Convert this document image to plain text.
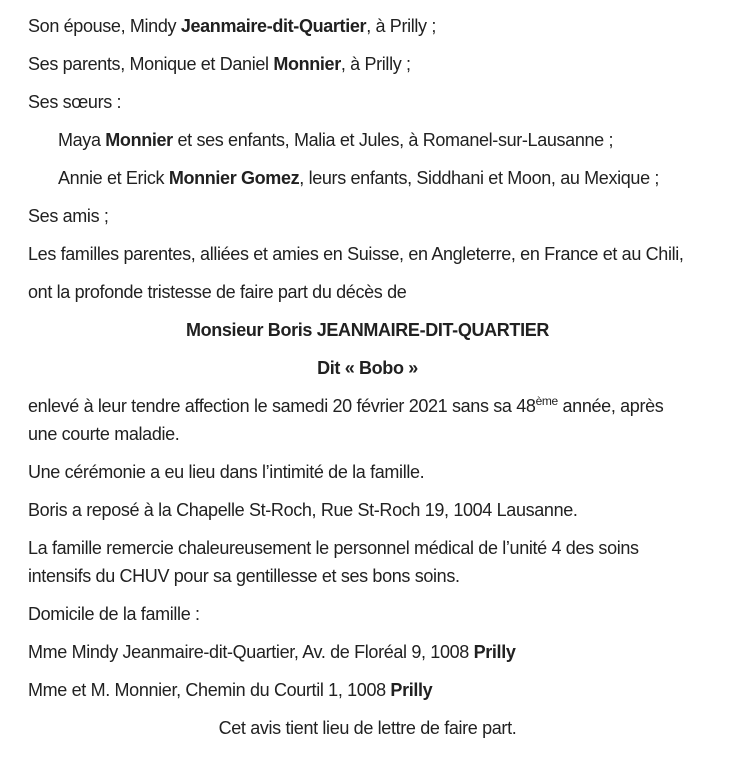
Son épouse, Mindy Jeanmaire-dit-Quartier, à Prilly ;

Ses parents, Monique et Daniel Monnier, à Prilly ;

Ses sœurs :

Maya Monnier et ses enfants, Malia et Jules, à Romanel-sur-Lausanne ;

Annie et Erick Monnier Gomez, leurs enfants, Siddhani et Moon, au Mexique ;

Ses amis ;

Les familles parentes, alliées et amies en Suisse, en Angleterre, en France et au Chili,

ont la profonde tristesse de faire part du décès de

Monsieur Boris JEANMAIRE-DIT-QUARTIER

Dit « Bobo »

enlevé à leur tendre affection le samedi 20 février 2021 sans sa 48ème année, après
une courte maladie.

Une cérémonie a eu lieu dans l’intimité de la famille.

Boris a reposé à la Chapelle St-Roch, Rue St-Roch 19, 1004 Lausanne.

La famille remercie chaleureusement le personnel médical de l’unité 4 des soins
intensifs du CHUV pour sa gentillesse et ses bons soins.

Domicile de la famille :

Mme Mindy Jeanmaire-dit-Quartier, Av. de Floréal 9, 1008 Prilly

Mme et M. Monnier, Chemin du Courtil 1, 1008 Prilly

Cet avis tient lieu de lettre de faire part.
